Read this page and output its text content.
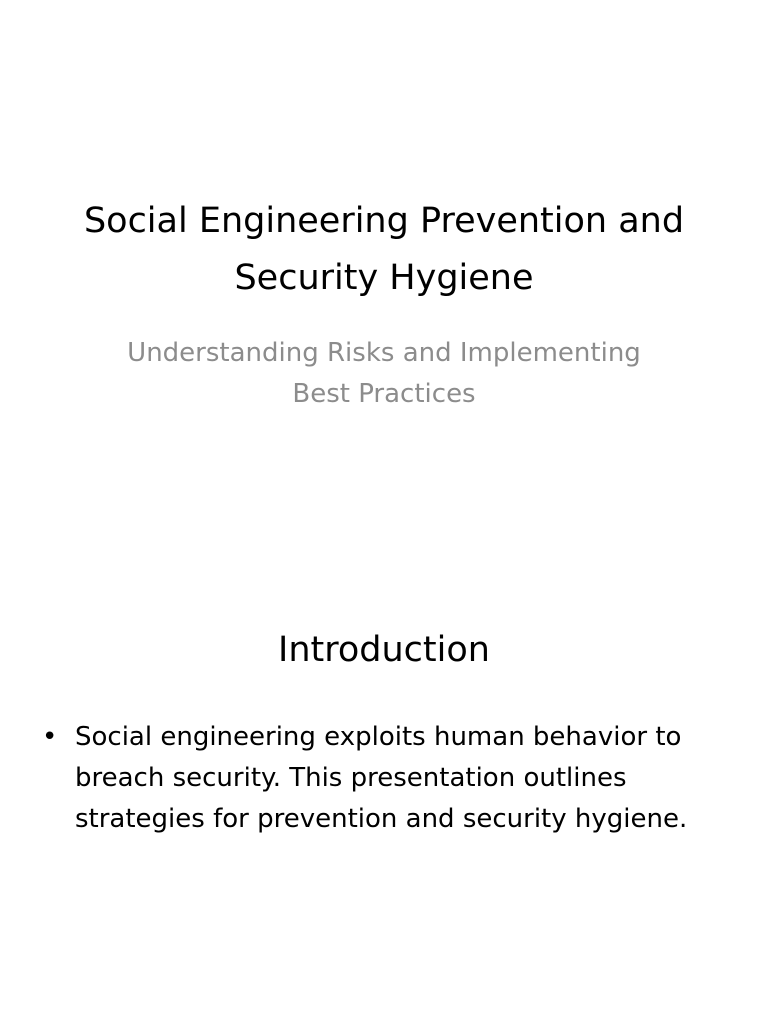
Social Engineering Prevention and Security Hygiene

Understanding Risks and Implementing Best Practices

Introduction
• Social engineering exploits human behavior to breach security. This presentation outlines strategies for prevention and security hygiene.
